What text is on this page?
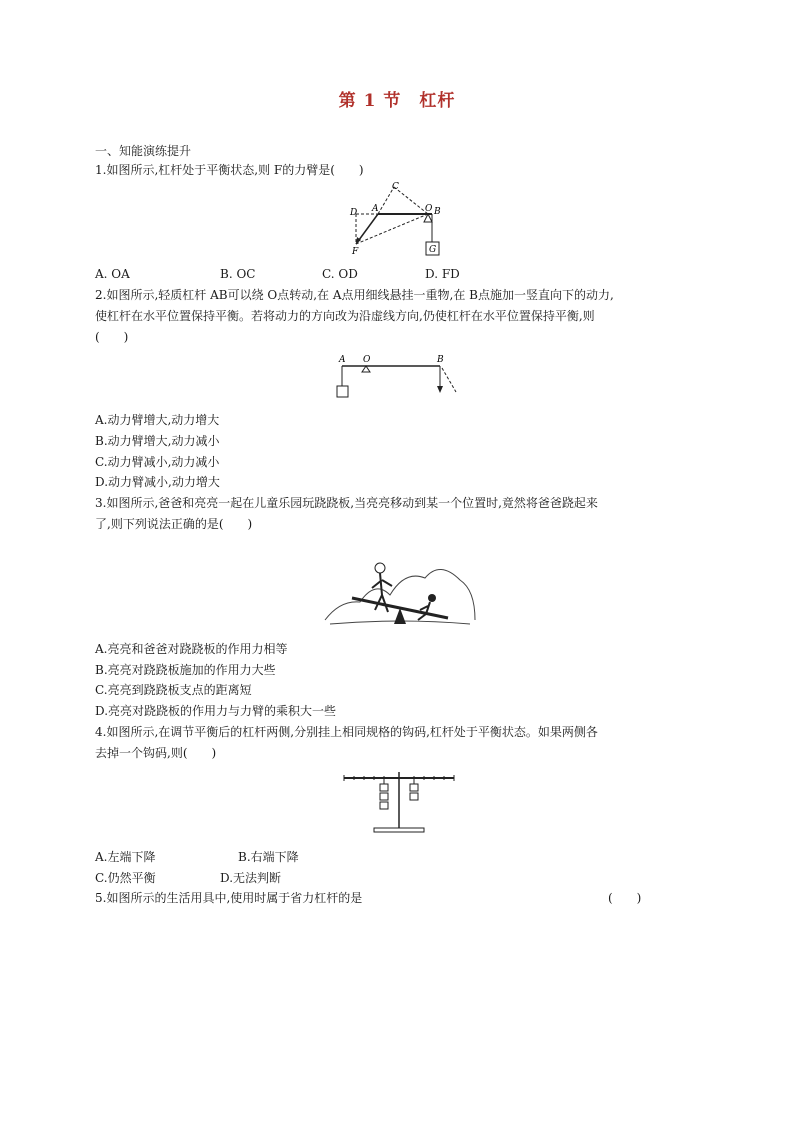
第 1 节　杠杆
一、知能演练提升
1.如图所示,杠杆处于平衡状态,则 F的力臂是(　　)
C
D A	O B
F	G
A. OA	B. OC	C. OD	D. FD
2.如图所示,轻质杠杆 AB可以绕 O点转动,在 A点用细线悬挂一重物,在 B点施加一竖直向下的动力,
使杠杆在水平位置保持平衡。若将动力的方向改为沿虚线方向,仍使杠杆在水平位置保持平衡,则
(　　)
A O	B
A.动力臂增大,动力增大
B.动力臂增大,动力减小
C.动力臂减小,动力减小
D.动力臂减小,动力增大
3.如图所示,爸爸和亮亮一起在儿童乐园玩跷跷板,当亮亮移动到某一个位置时,竟然将爸爸跷起来
了,则下列说法正确的是(　　)
A.亮亮和爸爸对跷跷板的作用力相等
B.亮亮对跷跷板施加的作用力大些
C.亮亮到跷跷板支点的距离短
D.亮亮对跷跷板的作用力与力臂的乘积大一些
4.如图所示,在调节平衡后的杠杆两侧,分别挂上相同规格的钩码,杠杆处于平衡状态。如果两侧各
去掉一个钩码,则(　　)
A.左端下降	B.右端下降
C.仍然平衡	D.无法判断
5.如图所示的生活用具中,使用时属于省力杠杆的是	(　　)
